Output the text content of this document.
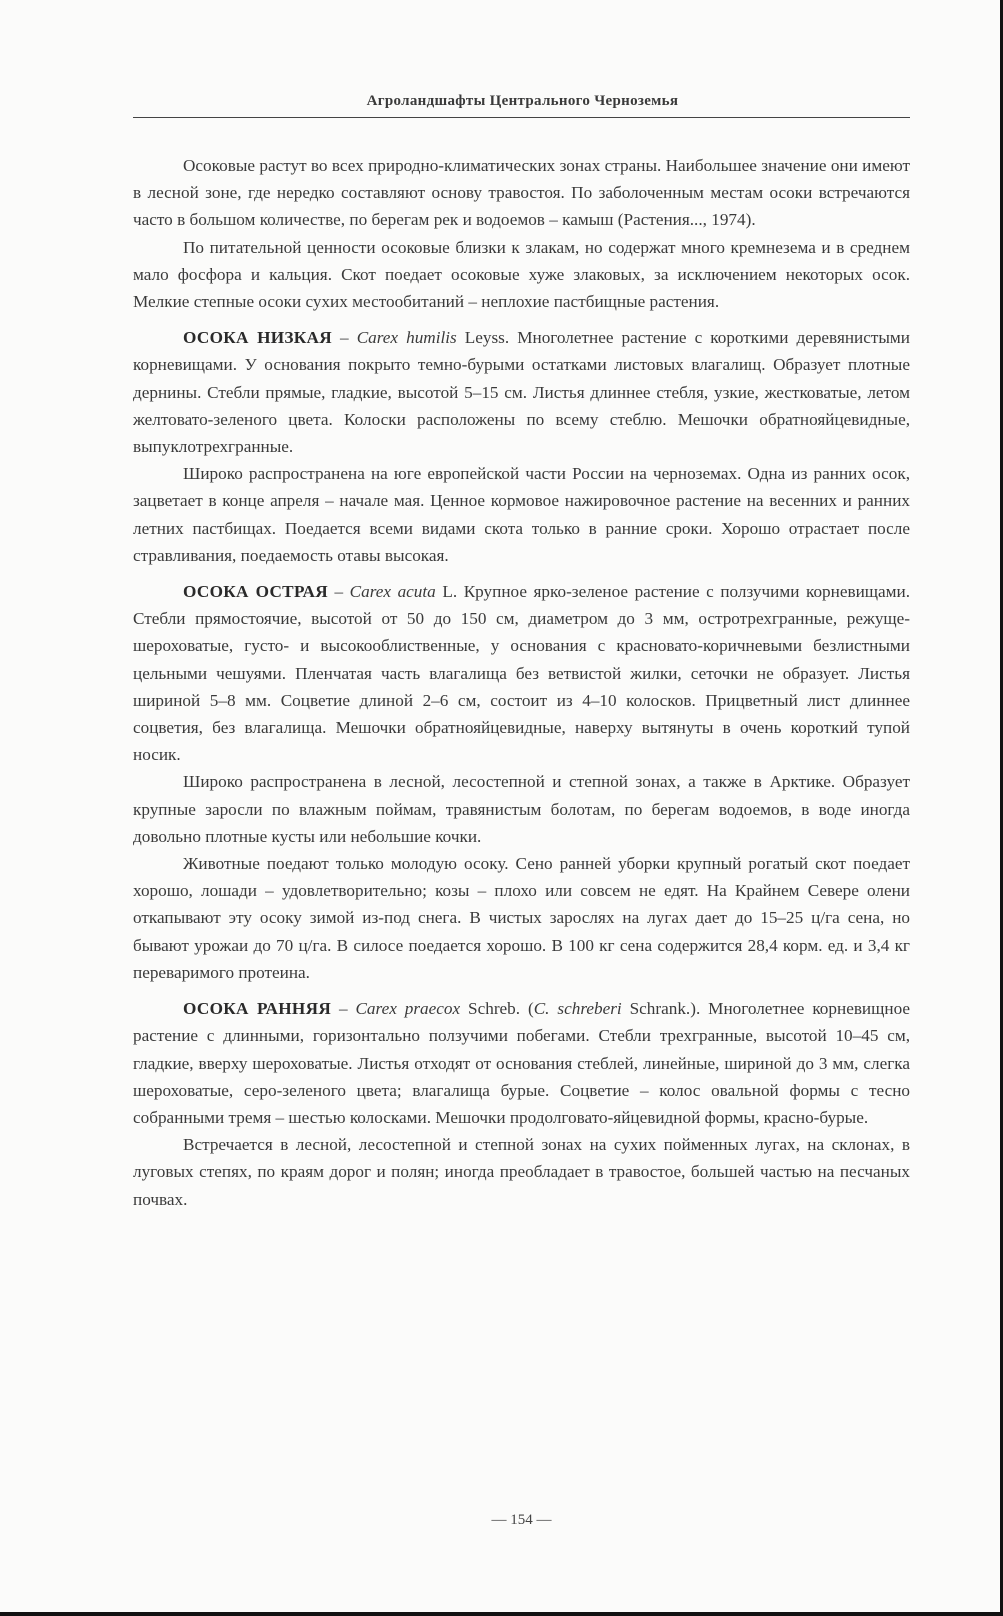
Агроландшафты Центрального Черноземья

Осоковые растут во всех природно-климатических зонах страны. Наибольшее значение они имеют в лесной зоне, где нередко составляют основу травостоя. По заболоченным местам осоки встречаются часто в большом количестве, по берегам рек и водоемов – камыш (Растения..., 1974).

По питательной ценности осоковые близки к злакам, но содержат много кремнезема и в среднем мало фосфора и кальция. Скот поедает осоковые хуже злаковых, за исключением некоторых осок. Мелкие степные осоки сухих местообитаний – неплохие пастбищные растения.

ОСОКА НИЗКАЯ – Carex humilis Leyss. Многолетнее растение с короткими деревянистыми корневищами. У основания покрыто темно-бурыми остатками листовых влагалищ. Образует плотные дернины. Стебли прямые, гладкие, высотой 5–15 см. Листья длиннее стебля, узкие, жестковатые, летом желтовато-зеленого цвета. Колоски расположены по всему стеблю. Мешочки обратнояйцевидные, выпуклотрехгранные.

Широко распространена на юге европейской части России на черноземах. Одна из ранних осок, зацветает в конце апреля – начале мая. Ценное кормовое нажировочное растение на весенних и ранних летних пастбищах. Поедается всеми видами скота только в ранние сроки. Хорошо отрастает после стравливания, поедаемость отавы высокая.

ОСОКА ОСТРАЯ – Carex acuta L. Крупное ярко-зеленое растение с ползучими корневищами. Стебли прямостоячие, высотой от 50 до 150 см, диаметром до 3 мм, остротрехгранные, режуще-шероховатые, густо- и высокооблиственные, у основания с красновато-коричневыми безлистными цельными чешуями. Пленчатая часть влагалища без ветвистой жилки, сеточки не образует. Листья шириной 5–8 мм. Соцветие длиной 2–6 см, состоит из 4–10 колосков. Прицветный лист длиннее соцветия, без влагалища. Мешочки обратнояйцевидные, наверху вытянуты в очень короткий тупой носик.

Широко распространена в лесной, лесостепной и степной зонах, а также в Арктике. Образует крупные заросли по влажным поймам, травянистым болотам, по берегам водоемов, в воде иногда довольно плотные кусты или небольшие кочки.

Животные поедают только молодую осоку. Сено ранней уборки крупный рогатый скот поедает хорошо, лошади – удовлетворительно; козы – плохо или совсем не едят. На Крайнем Севере олени откапывают эту осоку зимой из-под снега. В чистых зарослях на лугах дает до 15–25 ц/га сена, но бывают урожаи до 70 ц/га. В силосе поедается хорошо. В 100 кг сена содержится 28,4 корм. ед. и 3,4 кг переваримого протеина.

ОСОКА РАННЯЯ – Carex praecox Schreb. (C. schreberi Schrank.). Многолетнее корневищное растение с длинными, горизонтально ползучими побегами. Стебли трехгранные, высотой 10–45 см, гладкие, вверху шероховатые. Листья отходят от основания стеблей, линейные, шириной до 3 мм, слегка шероховатые, серо-зеленого цвета; влагалища бурые. Соцветие – колос овальной формы с тесно собранными тремя – шестью колосками. Мешочки продолговато-яйцевидной формы, красно-бурые.

Встречается в лесной, лесостепной и степной зонах на сухих пойменных лугах, на склонах, в луговых степях, по краям дорог и полян; иногда преобладает в травостое, большей частью на песчаных почвах.

— 154 —
